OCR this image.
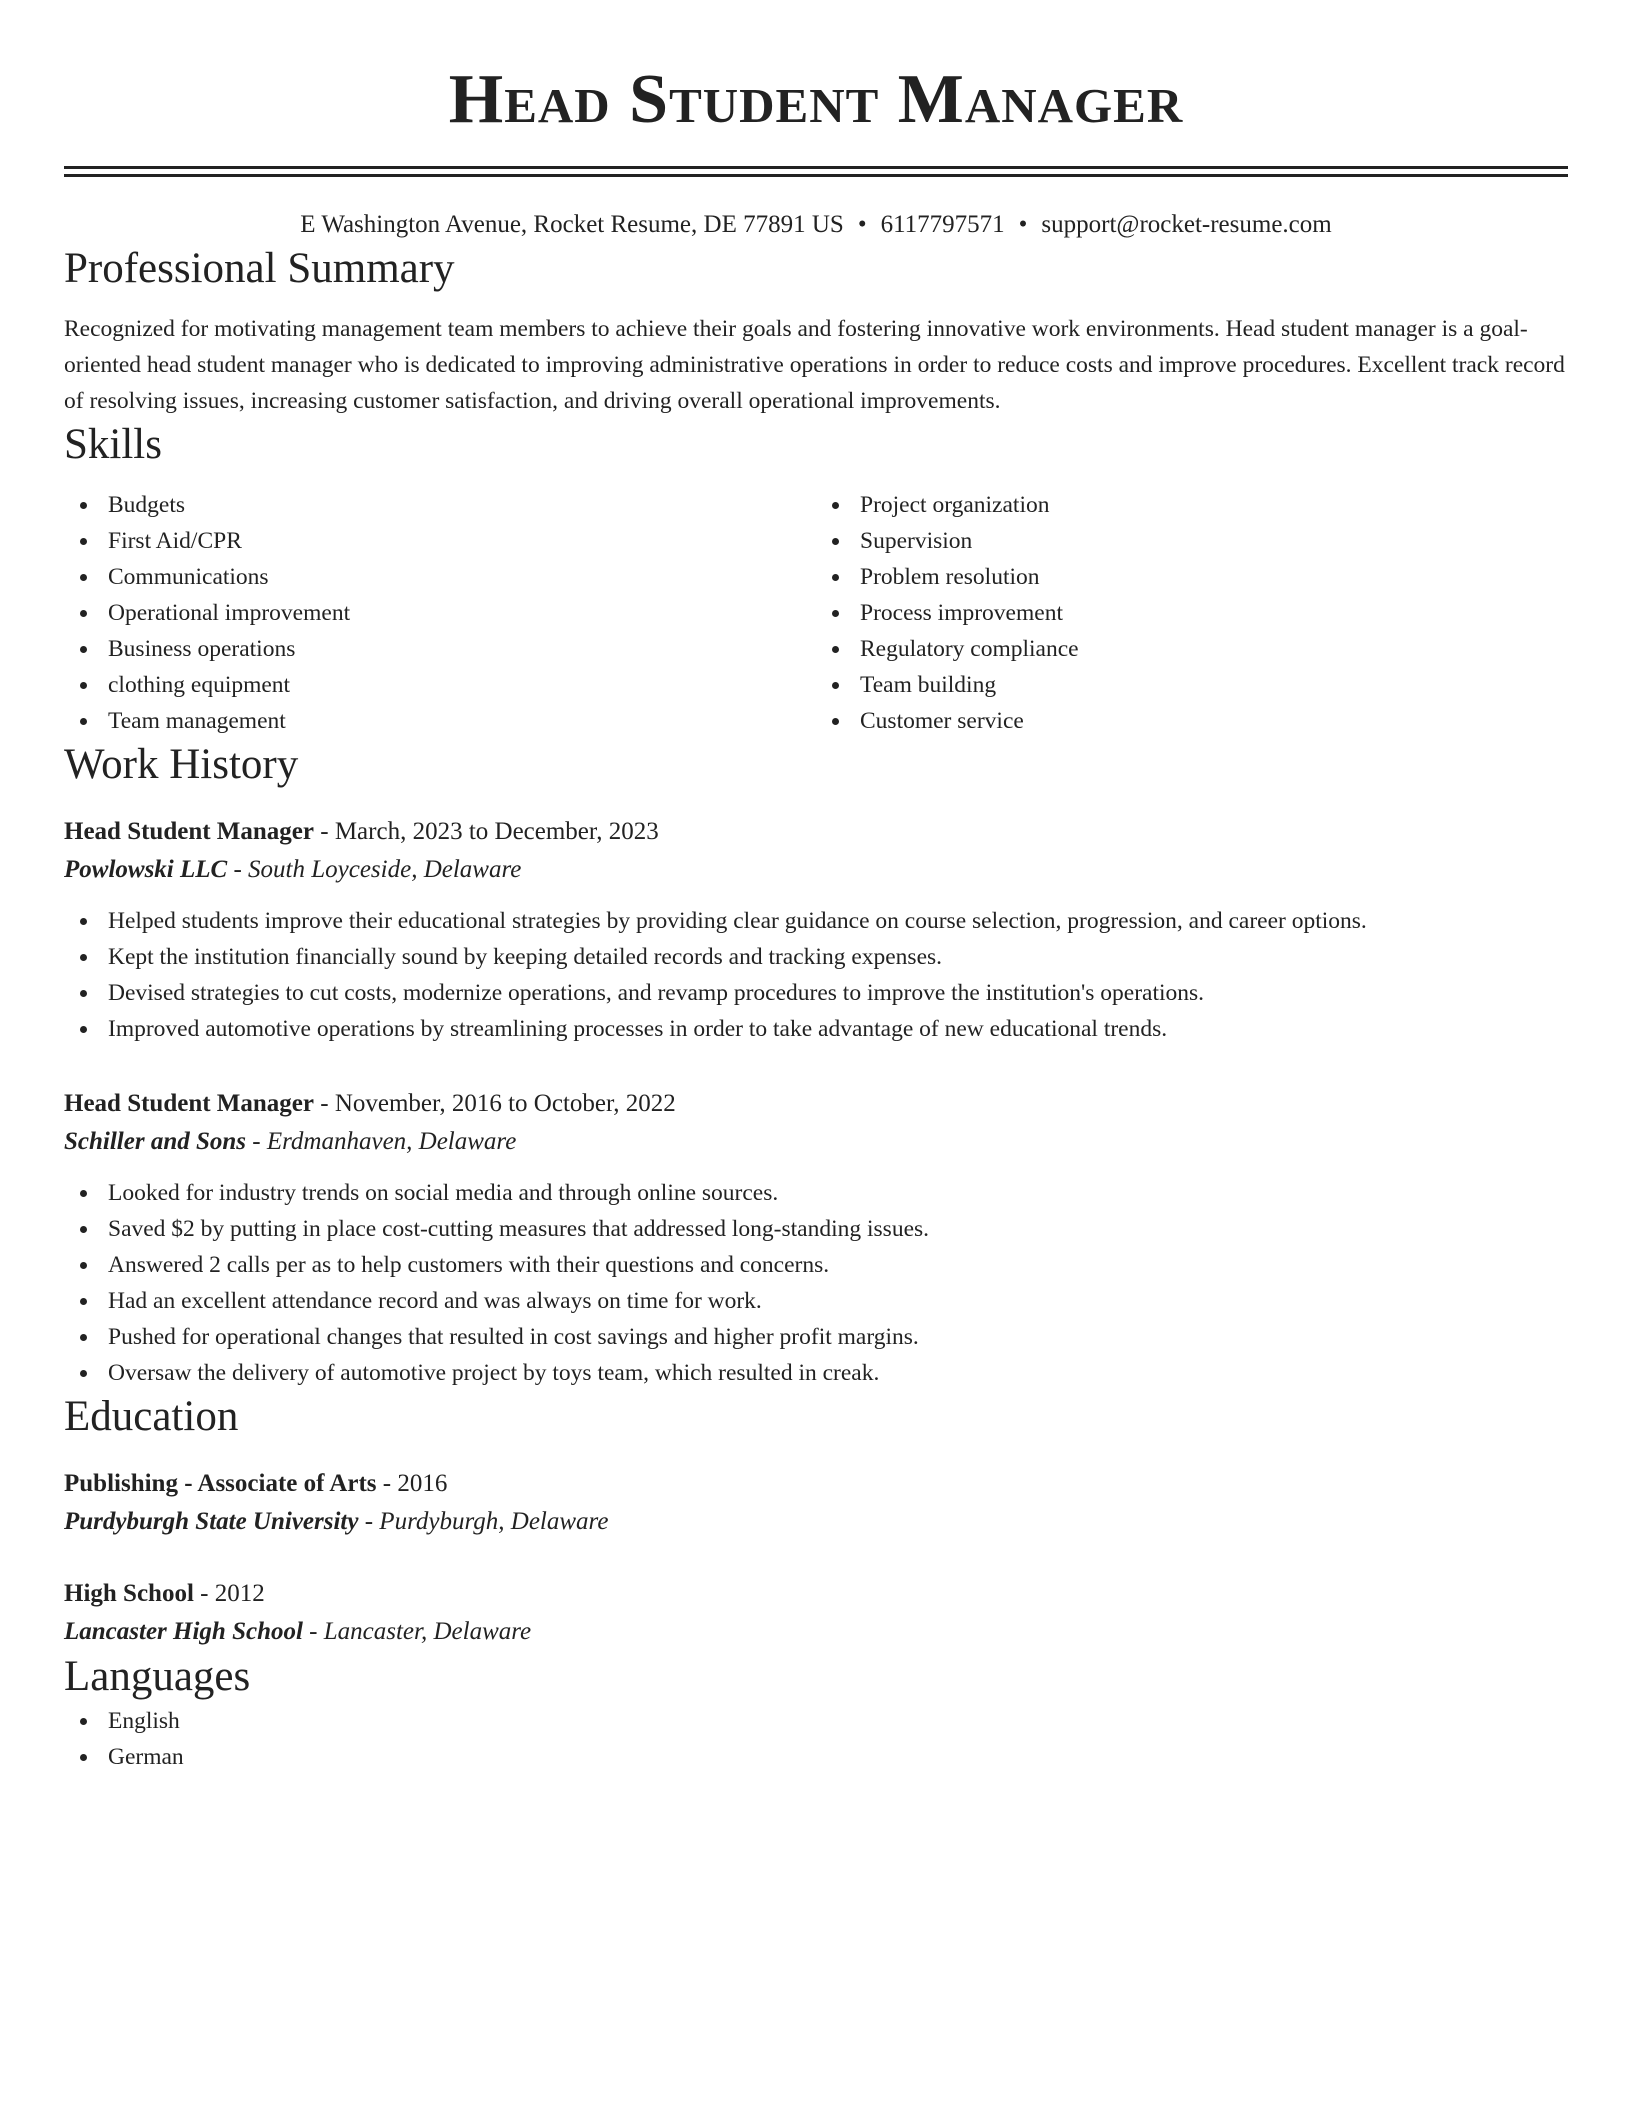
Head Student Manager
E Washington Avenue, Rocket Resume, DE 77891 US • 6117797571 • support@rocket-resume.com
Professional Summary
Recognized for motivating management team members to achieve their goals and fostering innovative work environments. Head student manager is a goal-oriented head student manager who is dedicated to improving administrative operations in order to reduce costs and improve procedures. Excellent track record of resolving issues, increasing customer satisfaction, and driving overall operational improvements.
Skills
Budgets
First Aid/CPR
Communications
Operational improvement
Business operations
clothing equipment
Team management
Project organization
Supervision
Problem resolution
Process improvement
Regulatory compliance
Team building
Customer service
Work History
Head Student Manager - March, 2023 to December, 2023
Powlowski LLC - South Loyceside, Delaware
Helped students improve their educational strategies by providing clear guidance on course selection, progression, and career options.
Kept the institution financially sound by keeping detailed records and tracking expenses.
Devised strategies to cut costs, modernize operations, and revamp procedures to improve the institution's operations.
Improved automotive operations by streamlining processes in order to take advantage of new educational trends.
Head Student Manager - November, 2016 to October, 2022
Schiller and Sons - Erdmanhaven, Delaware
Looked for industry trends on social media and through online sources.
Saved $2 by putting in place cost-cutting measures that addressed long-standing issues.
Answered 2 calls per as to help customers with their questions and concerns.
Had an excellent attendance record and was always on time for work.
Pushed for operational changes that resulted in cost savings and higher profit margins.
Oversaw the delivery of automotive project by toys team, which resulted in creak.
Education
Publishing - Associate of Arts - 2016
Purdyburgh State University - Purdyburgh, Delaware
High School - 2012
Lancaster High School - Lancaster, Delaware
Languages
English
German
